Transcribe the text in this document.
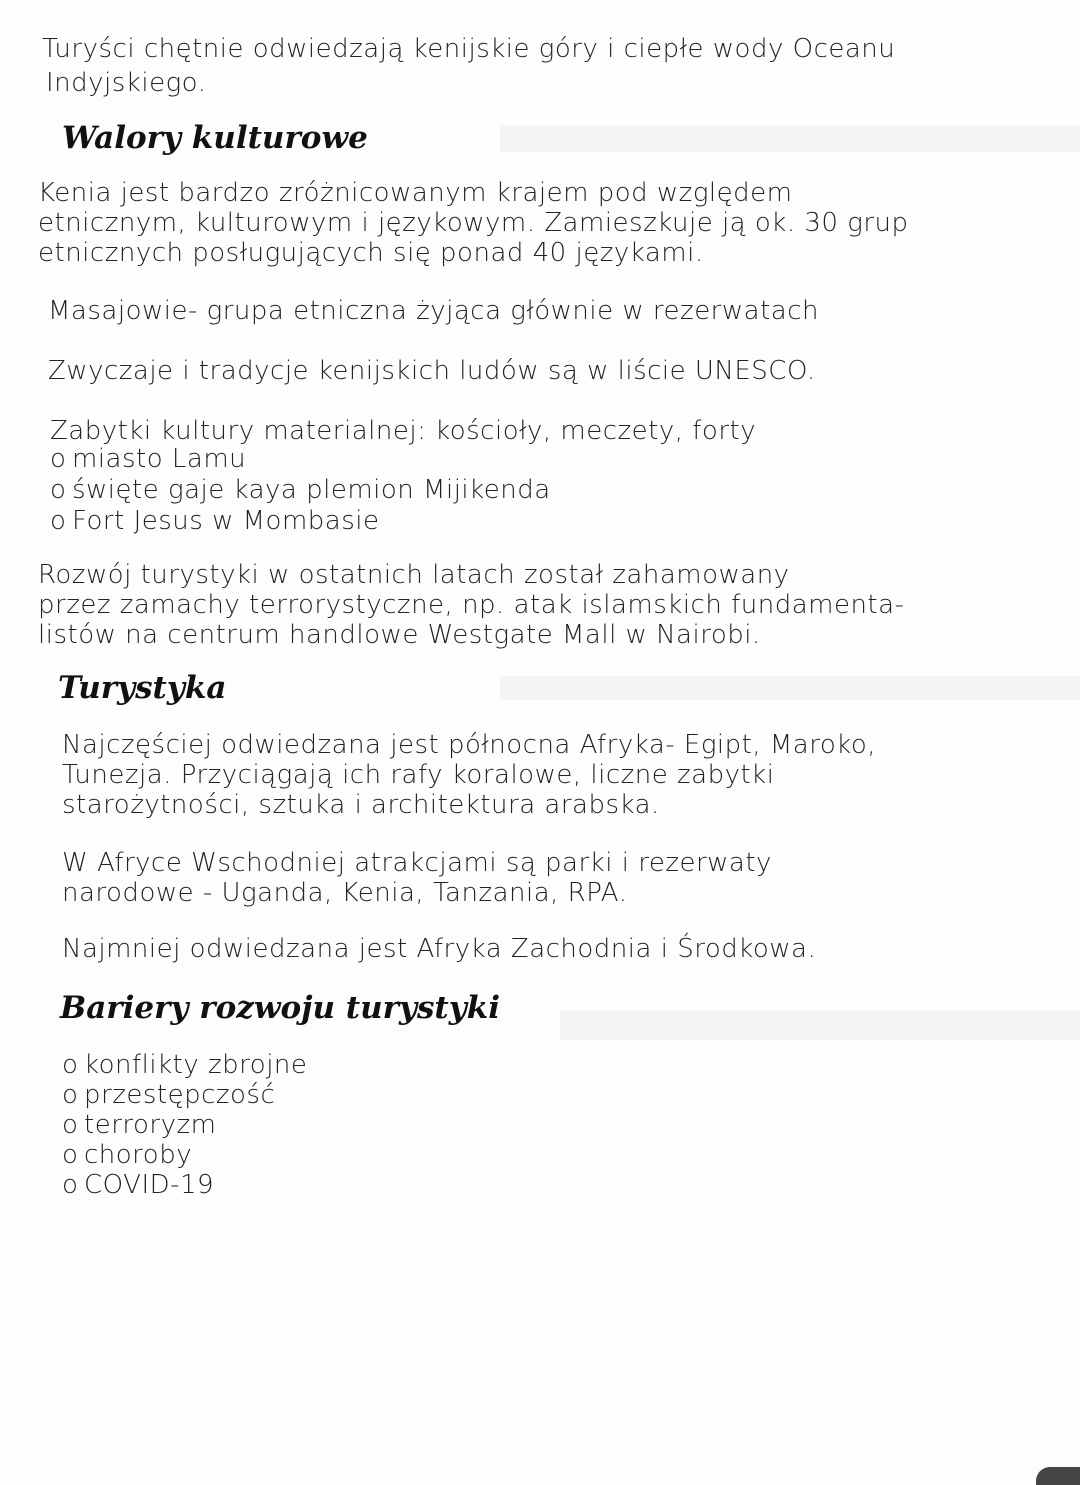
Turyści chętnie odwiedzają kenijskie góry i ciepłe wody Oceanu
Indyjskiego.
Walory kulturowe
Kenia jest bardzo zróżnicowanym krajem pod względem
etnicznym, kulturowym i językowym. Zamieszkuje ją ok. 30 grup
etnicznych posługujących się ponad 40 językami.
Masajowie- grupa etniczna żyjąca głównie w rezerwatach
Zwyczaje i tradycje kenijskich ludów są w liście UNESCO.
Zabytki kultury materialnej: kościoły, meczety, forty
o miasto Lamu
o święte gaje kaya plemion Mijikenda
o Fort Jesus w Mombasie
Rozwój turystyki w ostatnich latach został zahamowany
przez zamachy terrorystyczne, np. atak islamskich fundamenta-
listów na centrum handlowe Westgate Mall w Nairobi.
Turystyka
Najczęściej odwiedzana jest północna Afryka- Egipt, Maroko,
Tunezja. Przyciągają ich rafy koralowe, liczne zabytki
starożytności, sztuka i architektura arabska.
W Afryce Wschodniej atrakcjami są parki i rezerwaty
narodowe - Uganda, Kenia, Tanzania, RPA.
Najmniej odwiedzana jest Afryka Zachodnia i Środkowa.
Bariery rozwoju turystyki
o konflikty zbrojne
o przestępczość
o terroryzm
o choroby
o COVID-19
